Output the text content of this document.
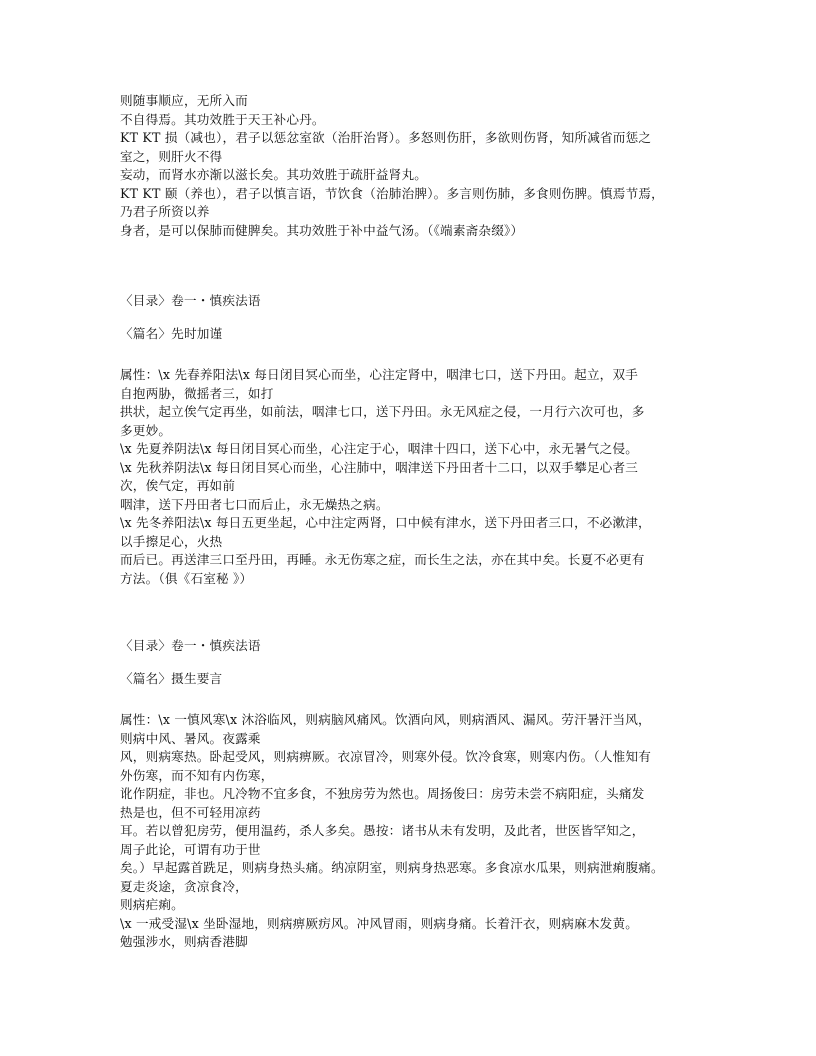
则随事顺应，无所入而
不自得焉。其功效胜于天王补心丹。
KT KT 损（减也），君子以惩忿室欲（治肝治肾）。多怒则伤肝，多欲则伤肾，知所减省而惩之
室之，则肝火不得
妄动，而肾水亦渐以滋长矣。其功效胜于疏肝益肾丸。
KT KT 颐（养也），君子以慎言语，节饮食（治肺治脾）。多言则伤肺，多食则伤脾。慎焉节焉，
乃君子所资以养
身者，是可以保肺而健脾矣。其功效胜于补中益气汤。（《端素斋杂缀》）
〈目录〉卷一・慎疾法语
〈篇名〉先时加谨
属性：\x 先春养阳法\x 每日闭目冥心而坐，心注定肾中，咽津七口，送下丹田。起立，双手
自抱两胁，微摇者三，如打
拱状，起立俟气定再坐，如前法，咽津七口，送下丹田。永无风症之侵，一月行六次可也，多
多更妙。
\x 先夏养阴法\x 每日闭目冥心而坐，心注定于心，咽津十四口，送下心中，永无暑气之侵。
\x 先秋养阴法\x 每日闭目冥心而坐，心注肺中，咽津送下丹田者十二口，以双手攀足心者三
次，俟气定，再如前
咽津，送下丹田者七口而后止，永无燥热之病。
\x 先冬养阳法\x 每日五更坐起，心中注定两肾，口中候有津水，送下丹田者三口，不必漱津，
以手擦足心，火热
而后已。再送津三口至丹田，再睡。永无伤寒之症，而长生之法，亦在其中矣。长夏不必更有
方法。（俱《石室秘 》）
〈目录〉卷一・慎疾法语
〈篇名〉摄生要言
属性：\x 一慎风寒\x 沐浴临风，则病脑风痛风。饮酒向风，则病酒风、漏风。劳汗暑汗当风，
则病中风、暑风。夜露乘
风，则病寒热。卧起受风，则病痹厥。衣凉冒冷，则寒外侵。饮冷食寒，则寒内伤。（人惟知有
外伤寒，而不知有内伤寒，
讹作阴症，非也。凡冷物不宜多食，不独房劳为然也。周扬俊曰：房劳未尝不病阳症，头痛发
热是也，但不可轻用凉药
耳。若以曾犯房劳，便用温药，杀人多矣。愚按：诸书从未有发明，及此者，世医皆罕知之，
周子此论，可谓有功于世
矣。）早起露首跣足，则病身热头痛。纳凉阴室，则病身热恶寒。多食凉水瓜果，则病泄痢腹痛。
夏走炎途，贪凉食冷，
则病疟痢。
\x 一戒受湿\x 坐卧湿地，则病痹厥疠风。冲风冒雨，则病身痛。长着汗衣，则病麻木发黄。
勉强涉水，则病香港脚
